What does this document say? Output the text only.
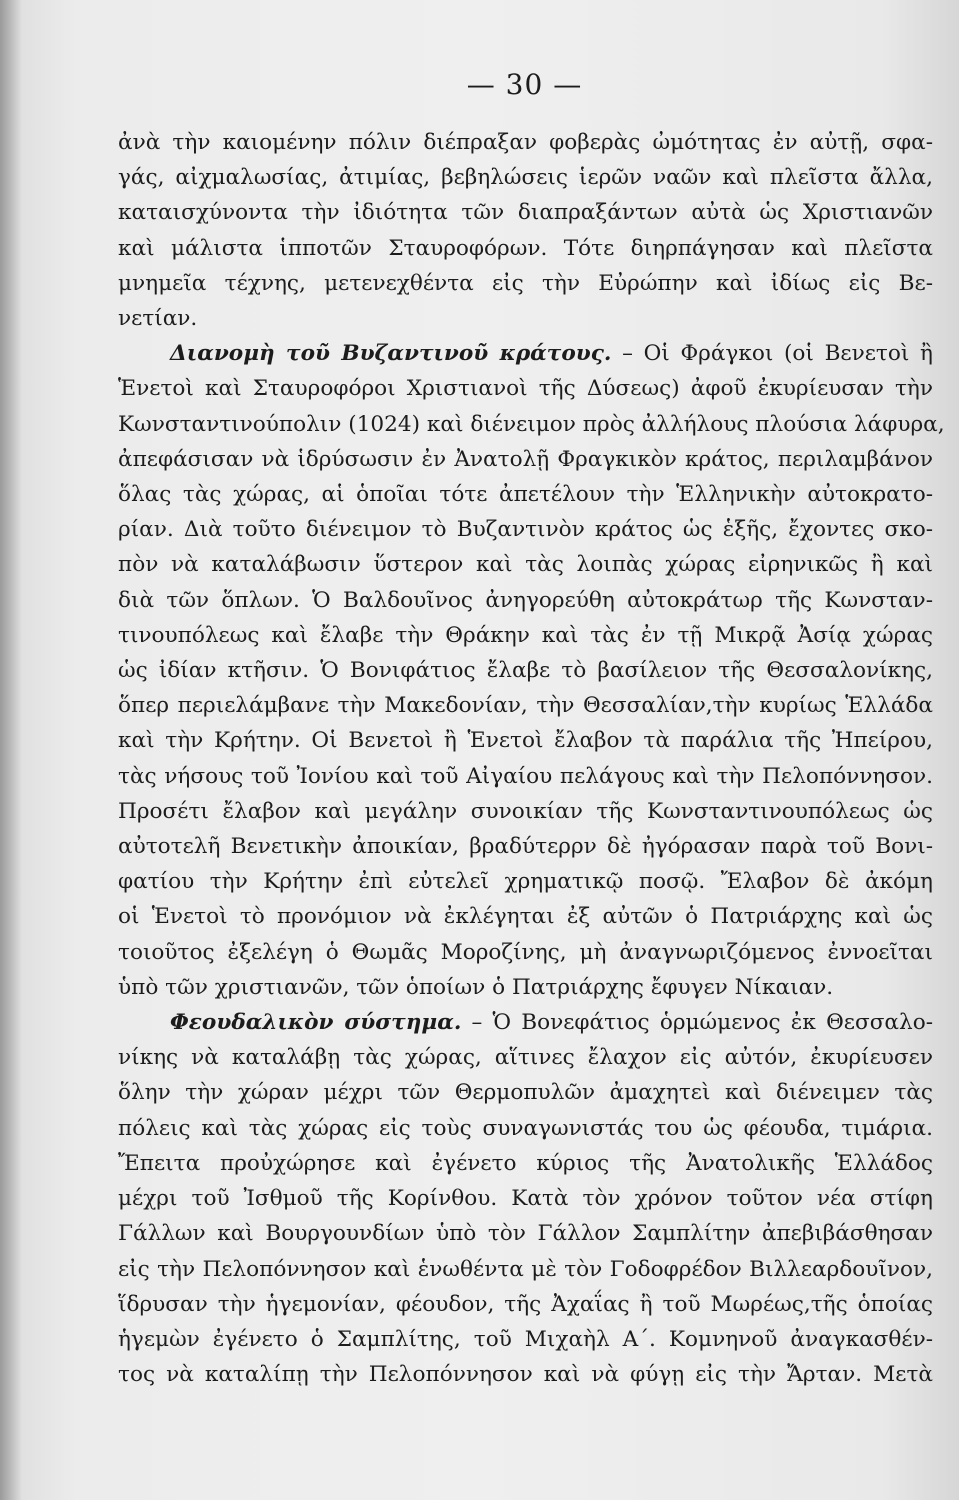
— 30 —

ἀνὰ τὴν καιομένην πόλιν διέπραξαν φοβερὰς ὠμότητας ἐν αὐτῇ, σφα-
γάς, αἰχμαλωσίας, ἀτιμίας, βεβηλώσεις ἱερῶν ναῶν καὶ πλεῖστα ἄλλα,
καταισχύνοντα τὴν ἰδιότητα τῶν διαπραξάντων αὐτὰ ὡς Χριστιανῶν
καὶ μάλιστα ἱπποτῶν Σταυροφόρων. Τότε διηρπάγησαν καὶ πλεῖστα
μνημεῖα τέχνης, μετενεχθέντα εἰς τὴν Εὐρώπην καὶ ἰδίως εἰς Βε-
νετίαν.

Διανομὴ τοῦ Βυζαντινοῦ κράτους. – Οἱ Φράγκοι (οἱ Βενετοὶ ἢ
Ἑνετοὶ καὶ Σταυροφόροι Χριστιανοὶ τῆς Δύσεως) ἀφοῦ ἐκυρίευσαν τὴν
Κωνσταντινούπολιν (1024) καὶ διένειμον πρὸς ἀλλήλους πλούσια λάφυρα,
ἀπεφάσισαν νὰ ἱδρύσωσιν ἐν Ἀνατολῇ Φραγκικὸν κράτος, περιλαμβάνον
ὅλας τὰς χώρας, αἱ ὁποῖαι τότε ἀπετέλουν τὴν Ἑλληνικὴν αὐτοκρατο-
ρίαν. Διὰ τοῦτο διένειμον τὸ Βυζαντινὸν κράτος ὡς ἑξῆς, ἔχοντες σκο-
πὸν νὰ καταλάβωσιν ὕστερον καὶ τὰς λοιπὰς χώρας εἰρηνικῶς ἢ καὶ
διὰ τῶν ὅπλων. Ὁ Βαλδουῖνος ἀνηγορεύθη αὐτοκράτωρ τῆς Κωνσταν-
τινουπόλεως καὶ ἔλαβε τὴν Θράκην καὶ τὰς ἐν τῇ Μικρᾷ Ἀσίᾳ χώρας
ὡς ἰδίαν κτῆσιν. Ὁ Βονιφάτιος ἔλαβε τὸ βασίλειον τῆς Θεσσαλονίκης,
ὅπερ περιελάμβανε τὴν Μακεδονίαν, τὴν Θεσσαλίαν,τὴν κυρίως Ἑλλάδα
καὶ τὴν Κρήτην. Οἱ Βενετοὶ ἢ Ἑνετοὶ ἔλαβον τὰ παράλια τῆς Ἠπείρου,
τὰς νήσους τοῦ Ἰονίου καὶ τοῦ Αἰγαίου πελάγους καὶ τὴν Πελοπόννησον.
Προσέτι ἔλαβον καὶ μεγάλην συνοικίαν τῆς Κωνσταντινουπόλεως ὡς
αὐτοτελῆ Βενετικὴν ἀποικίαν, βραδύτερρν δὲ ἠγόρασαν παρὰ τοῦ Βονι-
φατίου τὴν Κρήτην ἐπὶ εὐτελεῖ χρηματικῷ ποσῷ. Ἔλαβον δὲ ἀκόμη
οἱ Ἑνετοὶ τὸ προνόμιον νὰ ἐκλέγηται ἐξ αὐτῶν ὁ Πατριάρχης καὶ ὡς
τοιοῦτος ἐξελέγη ὁ Θωμᾶς Μοροζίνης, μὴ ἀναγνωριζόμενος ἐννοεῖται
ὑπὸ τῶν χριστιανῶν, τῶν ὁποίων ὁ Πατριάρχης ἔφυγεν Νίκαιαν.

Φεουδαλικὸν σύστημα. – Ὁ Βονεφάτιος ὁρμώμενος ἐκ Θεσσαλο-
νίκης νὰ καταλάβῃ τὰς χώρας, αἵτινες ἔλαχον εἰς αὐτόν, ἐκυρίευσεν
ὅλην τὴν χώραν μέχρι τῶν Θερμοπυλῶν ἀμαχητεὶ καὶ διένειμεν τὰς
πόλεις καὶ τὰς χώρας εἰς τοὺς συναγωνιστάς του ὡς φέουδα, τιμάρια.
Ἔπειτα προὐχώρησε καὶ ἐγένετο κύριος τῆς Ἀνατολικῆς Ἑλλάδος
μέχρι τοῦ Ἰσθμοῦ τῆς Κορίνθου. Κατὰ τὸν χρόνον τοῦτον νέα στίφη
Γάλλων καὶ Βουργουνδίων ὑπὸ τὸν Γάλλον Σαμπλίτην ἀπεβιβάσθησαν
εἰς τὴν Πελοπόννησον καὶ ἑνωθέντα μὲ τὸν Γοδοφρέδον Βιλλεαρδουῖνον,
ἵδρυσαν τὴν ἡγεμονίαν, φέουδον, τῆς Ἀχαΐας ἢ τοῦ Μωρέως,τῆς ὁποίας
ἡγεμὼν ἐγένετο ὁ Σαμπλίτης, τοῦ Μιχαὴλ Α΄. Κομνηνοῦ ἀναγκασθέν-
τος νὰ καταλίπῃ τὴν Πελοπόννησον καὶ νὰ φύγῃ εἰς τὴν Ἄρταν. Μετὰ
